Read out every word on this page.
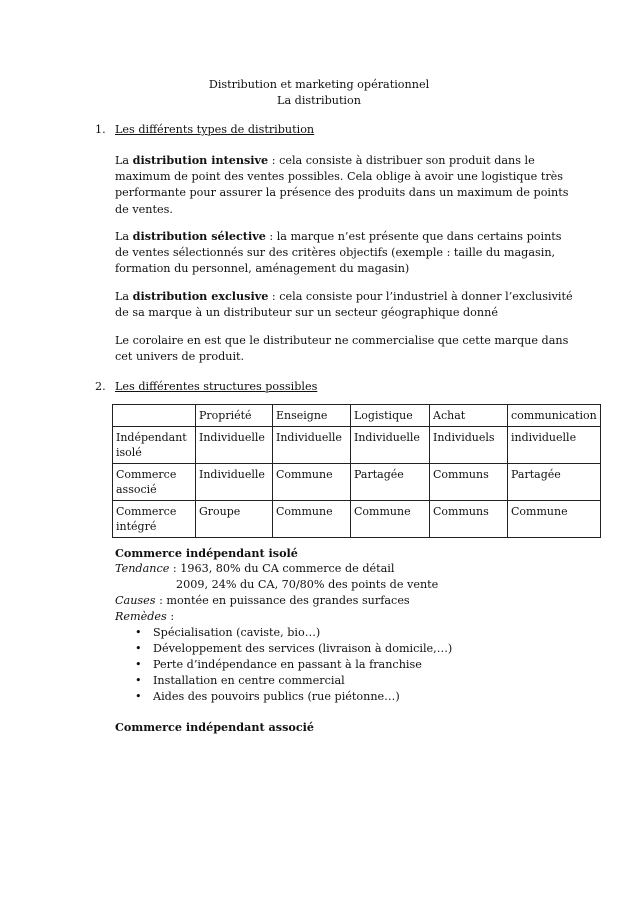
Distribution et marketing opérationnel
La distribution
1. Les différents types de distribution
La distribution intensive : cela consiste à distribuer son produit dans le maximum de point des ventes possibles. Cela oblige à avoir une logistique très performante pour assurer la présence des produits dans un maximum de points de ventes.
La distribution sélective : la marque n’est présente que dans certains points de ventes sélectionnés sur des critères objectifs (exemple : taille du magasin, formation du personnel, aménagement du magasin)
La distribution exclusive : cela consiste pour l’industriel à donner l’exclusivité de sa marque à un distributeur sur un secteur géographique donné
Le corolaire en est que le distributeur ne commercialise que cette marque dans cet univers de produit.
2. Les différentes structures possibles
	Propriété	Enseigne	Logistique	Achat	communication
Indépendant isolé	Individuelle	Individuelle	Individuelle	Individuels	individuelle
Commerce associé	Individuelle	Commune	Partagée	Communs	Partagée
Commerce intégré	Groupe	Commune	Commune	Communs	Commune
Commerce indépendant isolé
Tendance : 1963, 80% du CA commerce de détail
2009, 24% du CA, 70/80% des points de vente
Causes : montée en puissance des grandes surfaces
Remèdes :
• Spécialisation (caviste, bio…)
• Développement des services (livraison à domicile,…)
• Perte d’indépendance en passant à la franchise
• Installation en centre commercial
• Aides des pouvoirs publics (rue piétonne…)
Commerce indépendant associé
